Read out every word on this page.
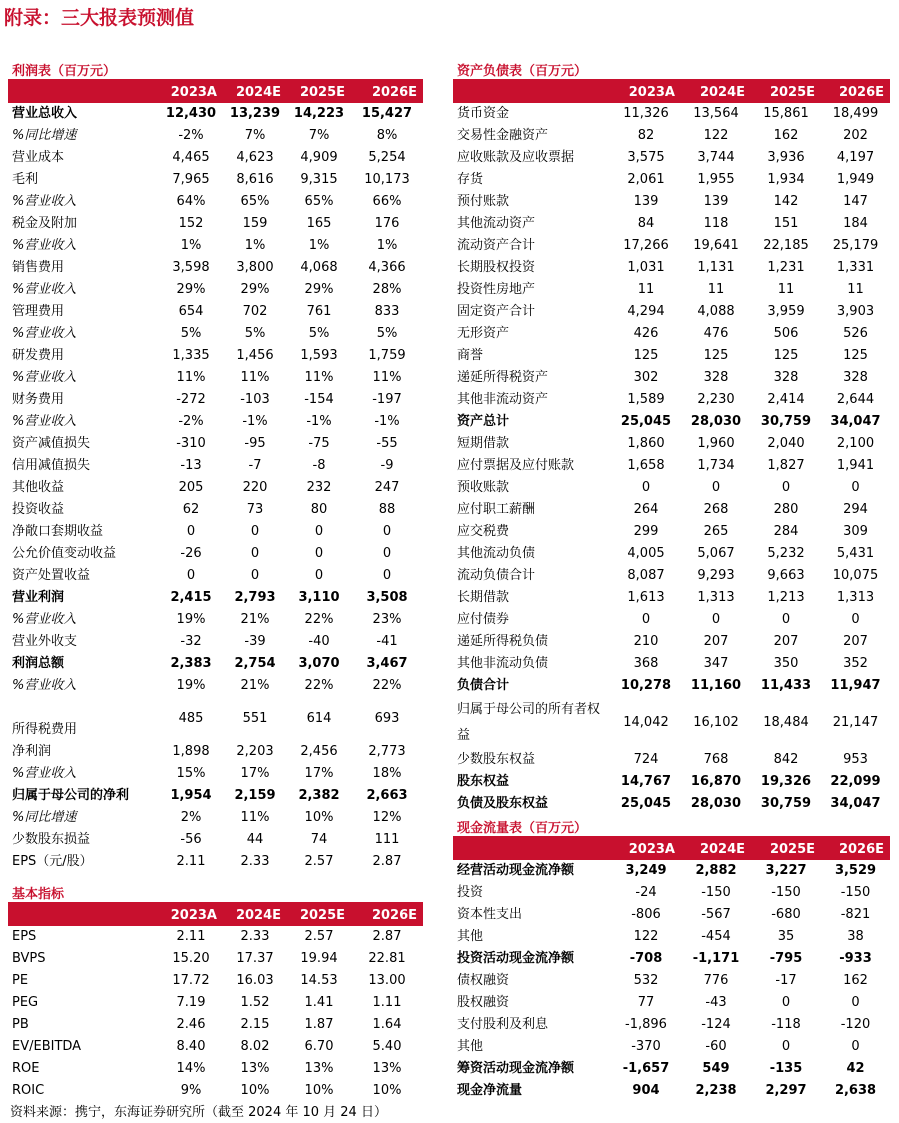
附录：三大报表预测值
利润表（百万元）
	2023A	2024E	2025E	2026E
营业总收入	12,430	13,239	14,223	15,427
%同比增速	-2%	7%	7%	8%
营业成本	4,465	4,623	4,909	5,254
毛利	7,965	8,616	9,315	10,173
%营业收入	64%	65%	65%	66%
税金及附加	152	159	165	176
%营业收入	1%	1%	1%	1%
销售费用	3,598	3,800	4,068	4,366
%营业收入	29%	29%	29%	28%
管理费用	654	702	761	833
%营业收入	5%	5%	5%	5%
研发费用	1,335	1,456	1,593	1,759
%营业收入	11%	11%	11%	11%
财务费用	-272	-103	-154	-197
%营业收入	-2%	-1%	-1%	-1%
资产减值损失	-310	-95	-75	-55
信用减值损失	-13	-7	-8	-9
其他收益	205	220	232	247
投资收益	62	73	80	88
净敞口套期收益	0	0	0	0
公允价值变动收益	-26	0	0	0
资产处置收益	0	0	0	0
营业利润	2,415	2,793	3,110	3,508
%营业收入	19%	21%	22%	23%
营业外收支	-32	-39	-40	-41
利润总额	2,383	2,754	3,070	3,467
%营业收入	19%	21%	22%	22%
所得税费用	485	551	614	693
净利润	1,898	2,203	2,456	2,773
%营业收入	15%	17%	17%	18%
归属于母公司的净利	1,954	2,159	2,382	2,663
%同比增速	2%	11%	10%	12%
少数股东损益	-56	44	74	111
EPS（元/股）	2.11	2.33	2.57	2.87
基本指标
	2023A	2024E	2025E	2026E
EPS	2.11	2.33	2.57	2.87
BVPS	15.20	17.37	19.94	22.81
PE	17.72	16.03	14.53	13.00
PEG	7.19	1.52	1.41	1.11
PB	2.46	2.15	1.87	1.64
EV/EBITDA	8.40	8.02	6.70	5.40
ROE	14%	13%	13%	13%
ROIC	9%	10%	10%	10%
资产负债表（百万元）
	2023A	2024E	2025E	2026E
货币资金	11,326	13,564	15,861	18,499
交易性金融资产	82	122	162	202
应收账款及应收票据	3,575	3,744	3,936	4,197
存货	2,061	1,955	1,934	1,949
预付账款	139	139	142	147
其他流动资产	84	118	151	184
流动资产合计	17,266	19,641	22,185	25,179
长期股权投资	1,031	1,131	1,231	1,331
投资性房地产	11	11	11	11
固定资产合计	4,294	4,088	3,959	3,903
无形资产	426	476	506	526
商誉	125	125	125	125
递延所得税资产	302	328	328	328
其他非流动资产	1,589	2,230	2,414	2,644
资产总计	25,045	28,030	30,759	34,047
短期借款	1,860	1,960	2,040	2,100
应付票据及应付账款	1,658	1,734	1,827	1,941
预收账款	0	0	0	0
应付职工薪酬	264	268	280	294
应交税费	299	265	284	309
其他流动负债	4,005	5,067	5,232	5,431
流动负债合计	8,087	9,293	9,663	10,075
长期借款	1,613	1,313	1,213	1,313
应付债券	0	0	0	0
递延所得税负债	210	207	207	207
其他非流动负债	368	347	350	352
负债合计	10,278	11,160	11,433	11,947
归属于母公司的所有者权益	14,042	16,102	18,484	21,147
少数股东权益	724	768	842	953
股东权益	14,767	16,870	19,326	22,099
负债及股东权益	25,045	28,030	30,759	34,047
现金流量表（百万元）
	2023A	2024E	2025E	2026E
经营活动现金流净额	3,249	2,882	3,227	3,529
投资	-24	-150	-150	-150
资本性支出	-806	-567	-680	-821
其他	122	-454	35	38
投资活动现金流净额	-708	-1,171	-795	-933
债权融资	532	776	-17	162
股权融资	77	-43	0	0
支付股利及利息	-1,896	-124	-118	-120
其他	-370	-60	0	0
筹资活动现金流净额	-1,657	549	-135	42
现金净流量	904	2,238	2,297	2,638
资料来源：携宁，东海证券研究所（截至 2024 年 10 月 24 日）
